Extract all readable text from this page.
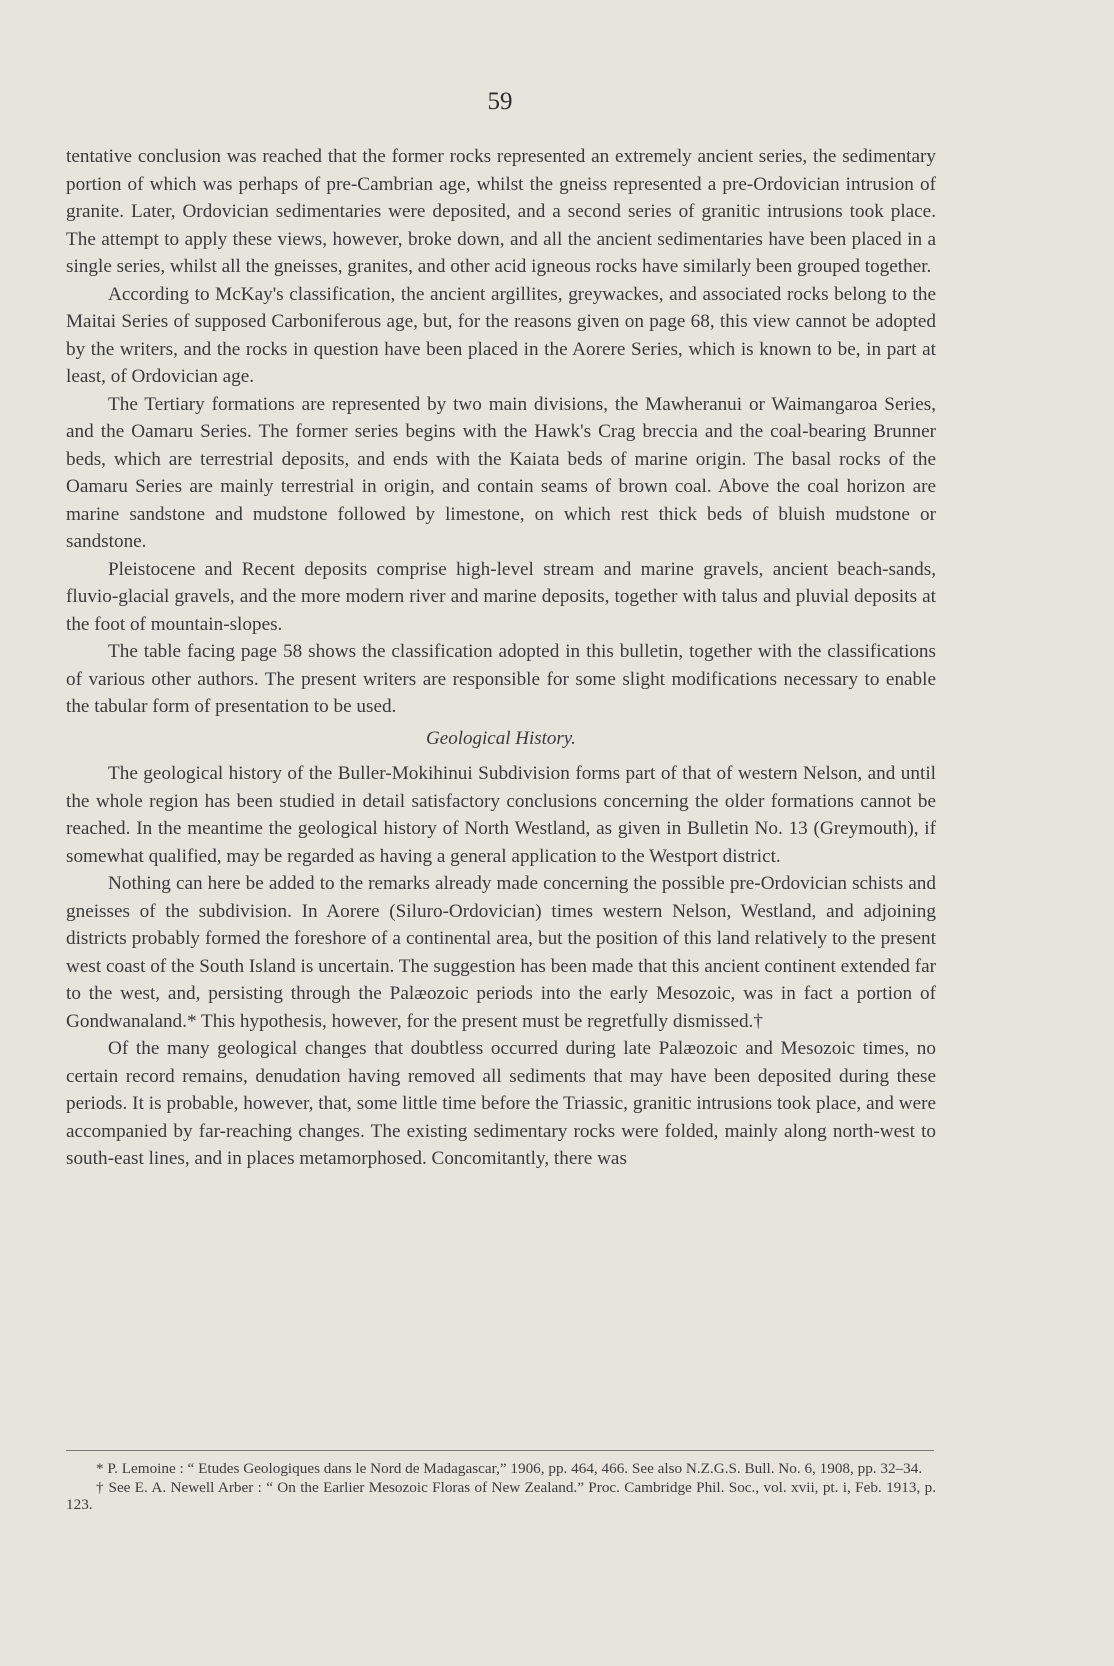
59

tentative conclusion was reached that the former rocks represented an extremely ancient series, the sedimentary portion of which was perhaps of pre-Cambrian age, whilst the gneiss represented a pre-Ordovician intrusion of granite. Later, Ordovician sedimentaries were deposited, and a second series of granitic intrusions took place. The attempt to apply these views, however, broke down, and all the ancient sedimentaries have been placed in a single series, whilst all the gneisses, granites, and other acid igneous rocks have similarly been grouped together.

According to McKay's classification, the ancient argillites, greywackes, and associated rocks belong to the Maitai Series of supposed Carboniferous age, but, for the reasons given on page 68, this view cannot be adopted by the writers, and the rocks in question have been placed in the Aorere Series, which is known to be, in part at least, of Ordovician age.

The Tertiary formations are represented by two main divisions, the Mawheranui or Waimangaroa Series, and the Oamaru Series. The former series begins with the Hawk's Crag breccia and the coal-bearing Brunner beds, which are terrestrial deposits, and ends with the Kaiata beds of marine origin. The basal rocks of the Oamaru Series are mainly terrestrial in origin, and contain seams of brown coal. Above the coal horizon are marine sandstone and mudstone followed by limestone, on which rest thick beds of bluish mudstone or sandstone.

Pleistocene and Recent deposits comprise high-level stream and marine gravels, ancient beach-sands, fluvio-glacial gravels, and the more modern river and marine deposits, together with talus and pluvial deposits at the foot of mountain-slopes.

The table facing page 58 shows the classification adopted in this bulletin, together with the classifications of various other authors. The present writers are responsible for some slight modifications necessary to enable the tabular form of presentation to be used.

Geological History.

The geological history of the Buller-Mokihinui Subdivision forms part of that of western Nelson, and until the whole region has been studied in detail satisfactory conclusions concerning the older formations cannot be reached. In the meantime the geological history of North Westland, as given in Bulletin No. 13 (Greymouth), if somewhat qualified, may be regarded as having a general application to the Westport district.

Nothing can here be added to the remarks already made concerning the possible pre-Ordovician schists and gneisses of the subdivision. In Aorere (Siluro-Ordovician) times western Nelson, Westland, and adjoining districts probably formed the foreshore of a continental area, but the position of this land relatively to the present west coast of the South Island is uncertain. The suggestion has been made that this ancient continent extended far to the west, and, persisting through the Palæozoic periods into the early Mesozoic, was in fact a portion of Gondwanaland.* This hypothesis, however, for the present must be regretfully dismissed.†

Of the many geological changes that doubtless occurred during late Palæozoic and Mesozoic times, no certain record remains, denudation having removed all sediments that may have been deposited during these periods. It is probable, however, that, some little time before the Triassic, granitic intrusions took place, and were accompanied by far-reaching changes. The existing sedimentary rocks were folded, mainly along north-west to south-east lines, and in places metamorphosed. Concomitantly, there was

* P. Lemoine : “ Etudes Geologiques dans le Nord de Madagascar,” 1906, pp. 464, 466. See also N.Z.G.S. Bull. No. 6, 1908, pp. 32–34.

† See E. A. Newell Arber : “ On the Earlier Mesozoic Floras of New Zealand.” Proc. Cambridge Phil. Soc., vol. xvii, pt. i, Feb. 1913, p. 123.
